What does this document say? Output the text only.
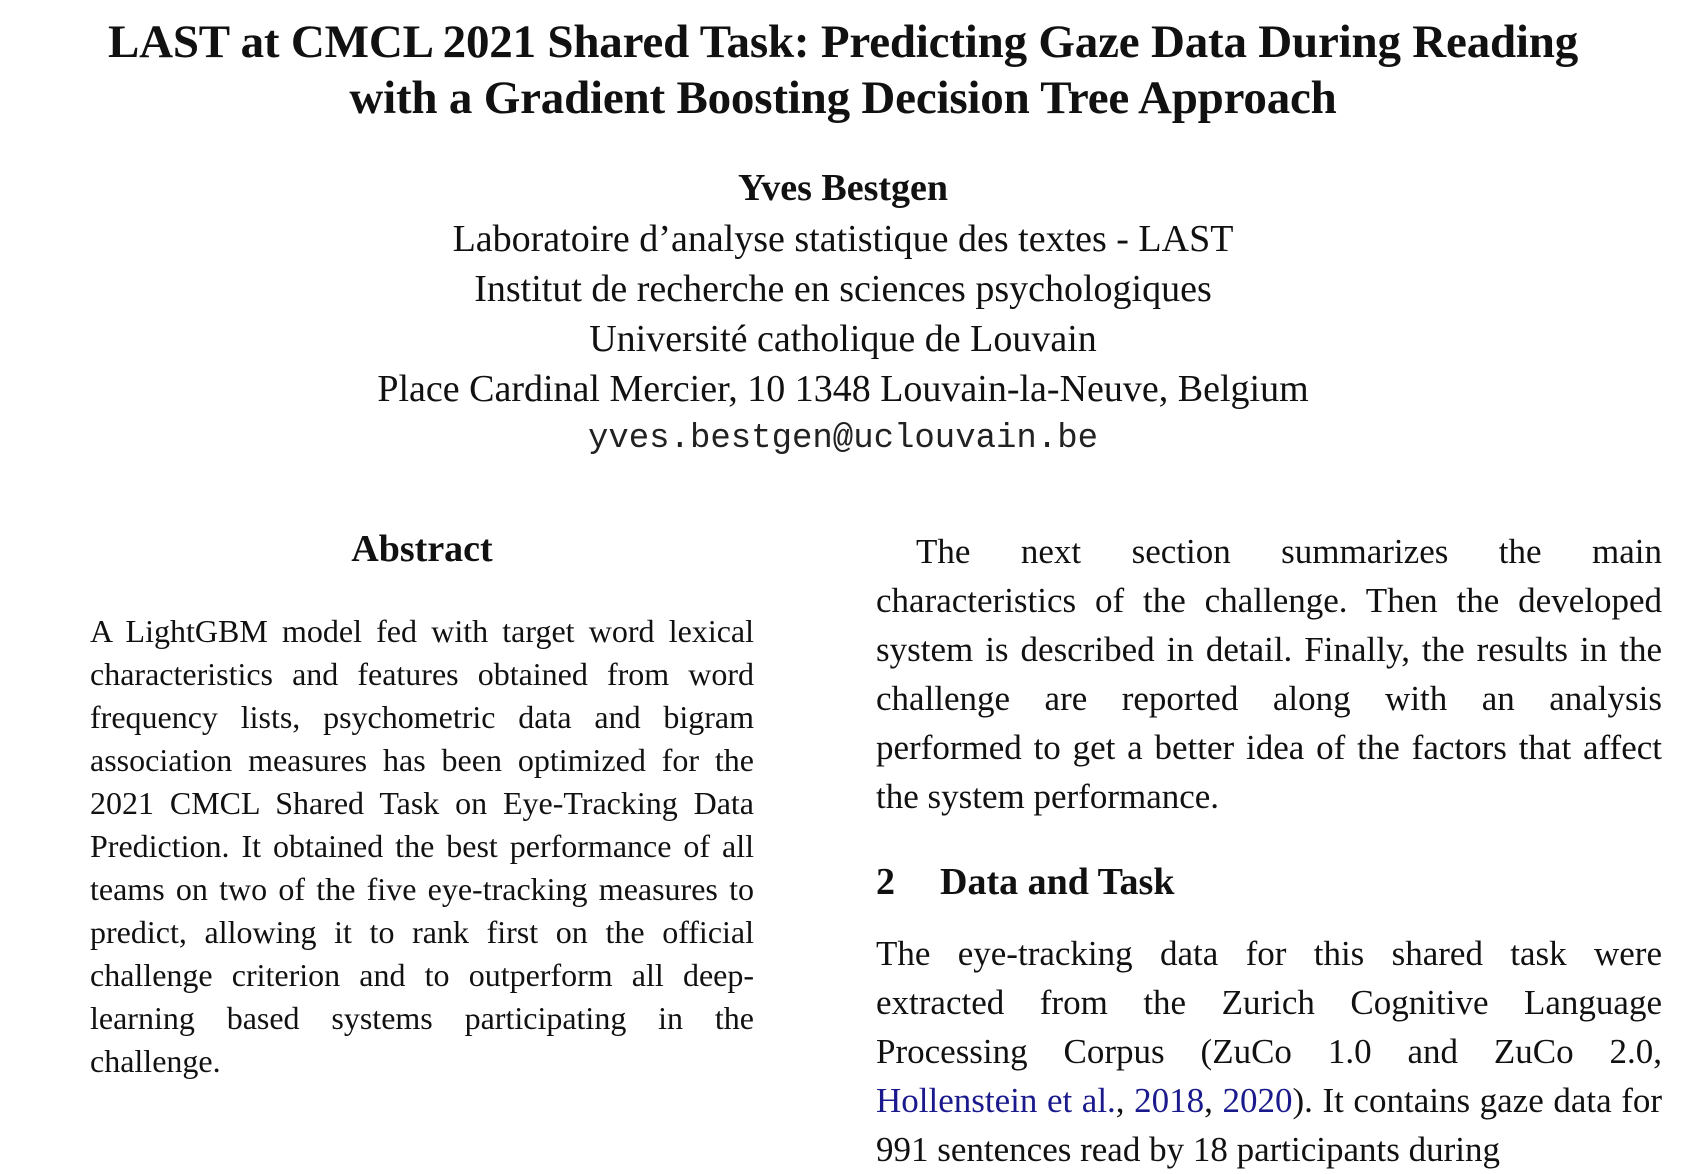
LAST at CMCL 2021 Shared Task: Predicting Gaze Data During Reading
with a Gradient Boosting Decision Tree Approach
Yves Bestgen
Laboratoire d’analyse statistique des textes - LAST
Institut de recherche en sciences psychologiques
Université catholique de Louvain
Place Cardinal Mercier, 10 1348 Louvain-la-Neuve, Belgium
yves.bestgen@uclouvain.be
Abstract

A LightGBM model fed with target word lexical characteristics and features obtained from word frequency lists, psychometric data and bigram association measures has been optimized for the 2021 CMCL Shared Task on Eye-Tracking Data Prediction. It obtained the best performance of all teams on two of the five eye-tracking measures to predict, allowing it to rank first on the official challenge criterion and to outperform all deep-learning based systems participating in the challenge.

The next section summarizes the main characteristics of the challenge. Then the developed system is described in detail. Finally, the results in the challenge are reported along with an analysis performed to get a better idea of the factors that affect the system performance.

2 Data and Task

The eye-tracking data for this shared task were extracted from the Zurich Cognitive Language Processing Corpus (ZuCo 1.0 and ZuCo 2.0, Hollenstein et al., 2018, 2020). It contains gaze data for 991 sentences read by 18 participants during
